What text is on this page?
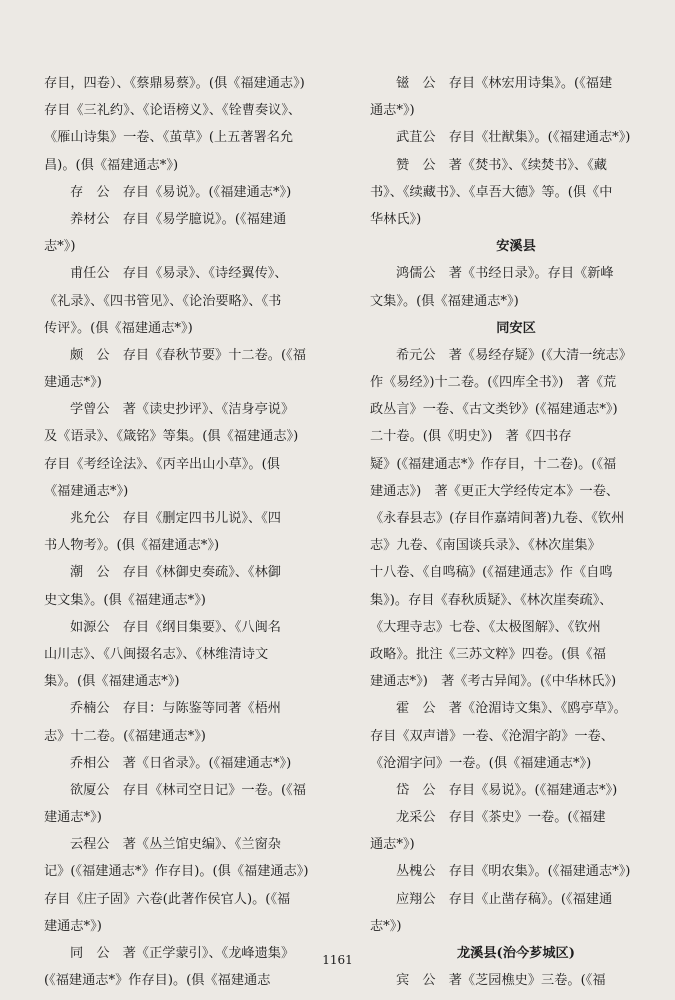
存目，四卷）、《蔡鼎易蔡》。(俱《福建通志》)
存目《三礼约》、《论语榜义》、《铨曹奏议》、
《雁山诗集》一卷、《茧草》(上五著署名允
昌)。(俱《福建通志*》)
存　公　存目《易说》。(《福建通志*》)
养材公　存目《易学臆说》。(《福建通
志*》)
甫任公　存目《易录》、《诗经翼传》、
《礼录》、《四书管见》、《论治要略》、《书
传评》。(俱《福建通志*》)
颇　公　存目《春秋节要》十二卷。(《福
建通志*》)
学曾公　著《读史抄评》、《洁身亭说》
及《语录》、《箴铭》等集。(俱《福建通志》)
存目《考经诠法》、《丙辛出山小草》。(俱
《福建通志*》)
兆允公　存目《删定四书儿说》、《四
书人物考》。(俱《福建通志*》)
潮　公　存目《林御史奏疏》、《林御
史文集》。(俱《福建通志*》)
如源公　存目《纲目集要》、《八闽名
山川志》、《八闽掇名志》、《林维清诗文
集》。(俱《福建通志*》)
乔楠公　存目：与陈鉴等同著《梧州
志》十二卷。(《福建通志*》)
乔相公　著《日省录》。(《福建通志*》)
欲厦公　存目《林司空日记》一卷。(《福
建通志*》)
云程公　著《丛兰馆史编》、《兰窗杂
记》(《福建通志*》作存目)。(俱《福建通志》)
存目《庄子固》六卷(此著作侯官人)。(《福
建通志*》)
同　公　著《正学蒙引》、《龙峰遗集》
(《福建通志*》作存目)。(俱《福建通志
镃　公　存目《林宏用诗集》。(《福建
通志*》)
武苴公　存目《壮猷集》。(《福建通志*》)
赞　公　著《焚书》、《续焚书》、《藏
书》、《续藏书》、《卓吾大德》等。(俱《中
华林氏》)
安溪县
鸿儒公　著《书经日录》。存目《新峰
文集》。(俱《福建通志*》)
同安区
希元公　著《易经存疑》(《大清一统志》
作《易经》)十二卷。(《四库全书》)　著《荒
政丛言》一卷、《古文类钞》(《福建通志*》)
二十卷。(俱《明史》)　著《四书存
疑》(《福建通志*》作存目，十二卷)。(《福
建通志》)　著《更正大学经传定本》一卷、
《永春县志》(存目作嘉靖间著)九卷、《钦州
志》九卷、《南国谈兵录》、《林次崖集》
十八卷、《自鸣稿》(《福建通志》作《自鸣
集》)。存目《春秋质疑》、《林次崖奏疏》、
《大理寺志》七卷、《太极图解》、《钦州
政略》。批注《三苏文粹》四卷。(俱《福
建通志*》)　著《考古异闻》。(《中华林氏》)
霍　公　著《沧湄诗文集》、《鸥亭草》。
存目《双声谱》一卷、《沧湄字韵》一卷、
《沧湄字问》一卷。(俱《福建通志*》)
岱　公　存目《易说》。(《福建通志*》)
龙采公　存目《茶史》一卷。(《福建
通志*》)
丛槐公　存目《明农集》。(《福建通志*》)
应翔公　存目《止凿存稿》。(《福建通
志*》)
龙溪县(治今芗城区)
宾　公　著《芝园樵史》三卷。(《福
1161
